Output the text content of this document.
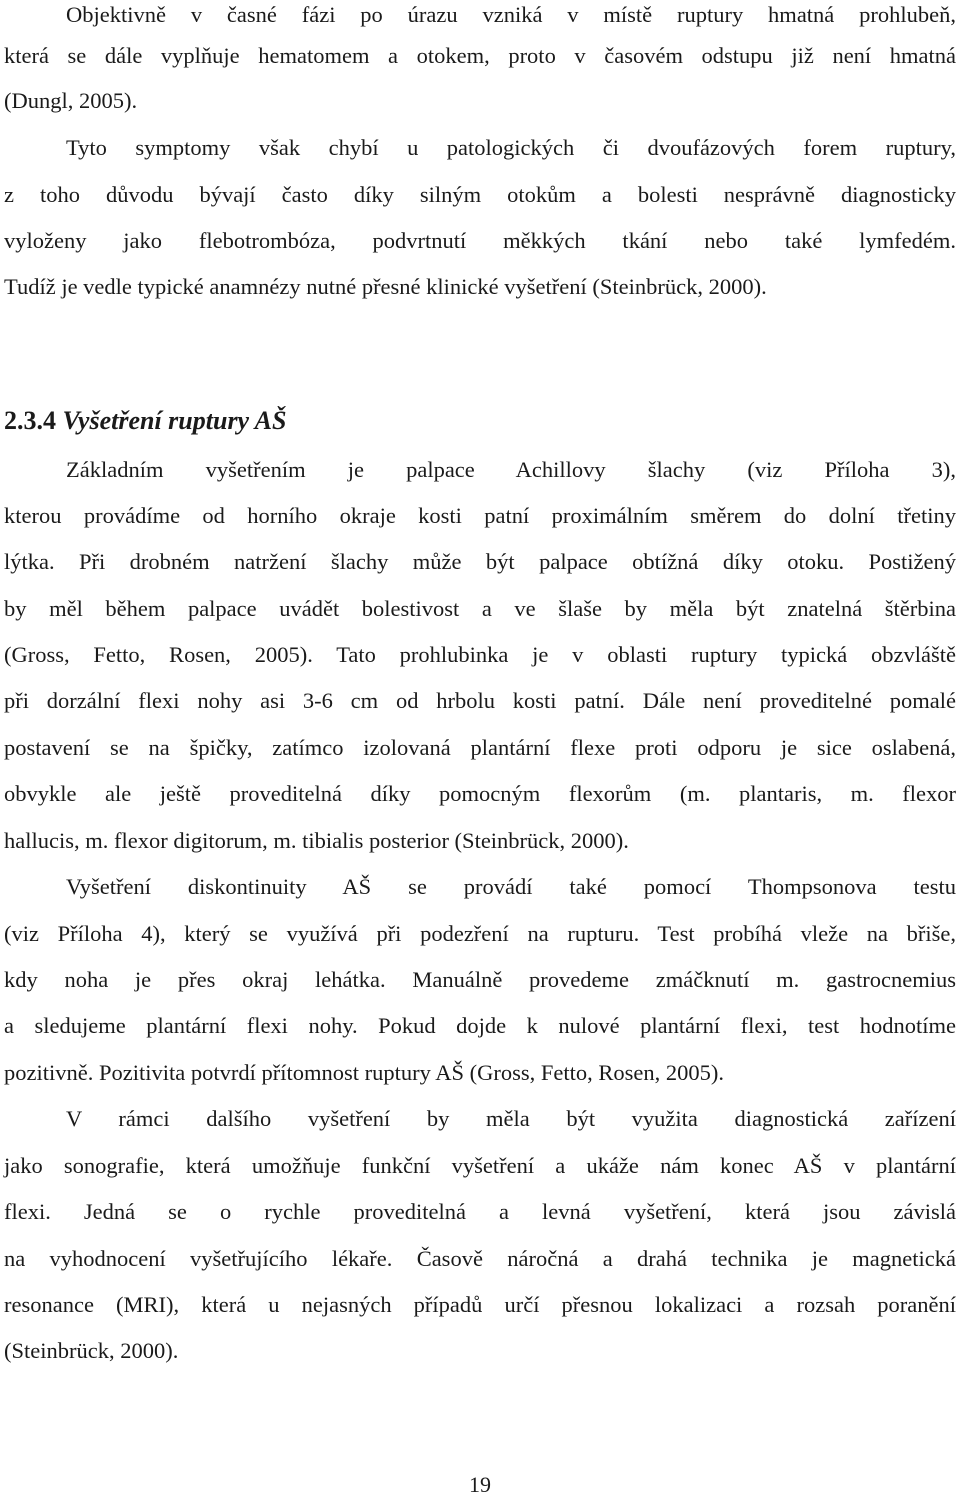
Objektivně v časné fázi po úrazu vzniká v místě ruptury hmatná prohlubeň,
která se dále vyplňuje hematomem a otokem, proto v časovém odstupu již není hmatná
(Dungl, 2005).
Tyto symptomy však chybí u patologických či dvoufázových forem ruptury,
z toho důvodu bývají často díky silným otokům a bolesti nesprávně diagnosticky
vyloženy jako flebotrombóza, podvrtnutí měkkých tkání nebo také lymfedém.
Tudíž je vedle typické anamnézy nutné přesné klinické vyšetření (Steinbrück, 2000).
2.3.4 Vyšetření ruptury AŠ
Základním vyšetřením je palpace Achillovy šlachy (viz Příloha 3),
kterou provádíme od horního okraje kosti patní proximálním směrem do dolní třetiny
lýtka. Při drobném natržení šlachy může být palpace obtížná díky otoku. Postižený
by měl během palpace uvádět bolestivost a ve šlaše by měla být znatelná štěrbina
(Gross, Fetto, Rosen, 2005). Tato prohlubinka je v oblasti ruptury typická obzvláště
při dorzální flexi nohy asi 3-6 cm od hrbolu kosti patní. Dále není proveditelné pomalé
postavení se na špičky, zatímco izolovaná plantární flexe proti odporu je sice oslabená,
obvykle ale ještě proveditelná díky pomocným flexorům (m. plantaris, m. flexor
hallucis, m. flexor digitorum, m. tibialis posterior (Steinbrück, 2000).
Vyšetření diskontinuity AŠ se provádí také pomocí Thompsonova testu
(viz Příloha 4), který se využívá při podezření na rupturu. Test probíhá vleže na břiše,
kdy noha je přes okraj lehátka. Manuálně provedeme zmáčknutí m. gastrocnemius
a sledujeme plantární flexi nohy. Pokud dojde k nulové plantární flexi, test hodnotíme
pozitivně. Pozitivita potvrdí přítomnost ruptury AŠ (Gross, Fetto, Rosen, 2005).
V rámci dalšího vyšetření by měla být využita diagnostická zařízení
jako sonografie, která umožňuje funkční vyšetření a ukáže nám konec AŠ v plantární
flexi. Jedná se o rychle proveditelná a levná vyšetření, která jsou závislá
na vyhodnocení vyšetřujícího lékaře. Časově náročná a drahá technika je magnetická
resonance (MRI), která u nejasných případů určí přesnou lokalizaci a rozsah poranění
(Steinbrück, 2000).
19
